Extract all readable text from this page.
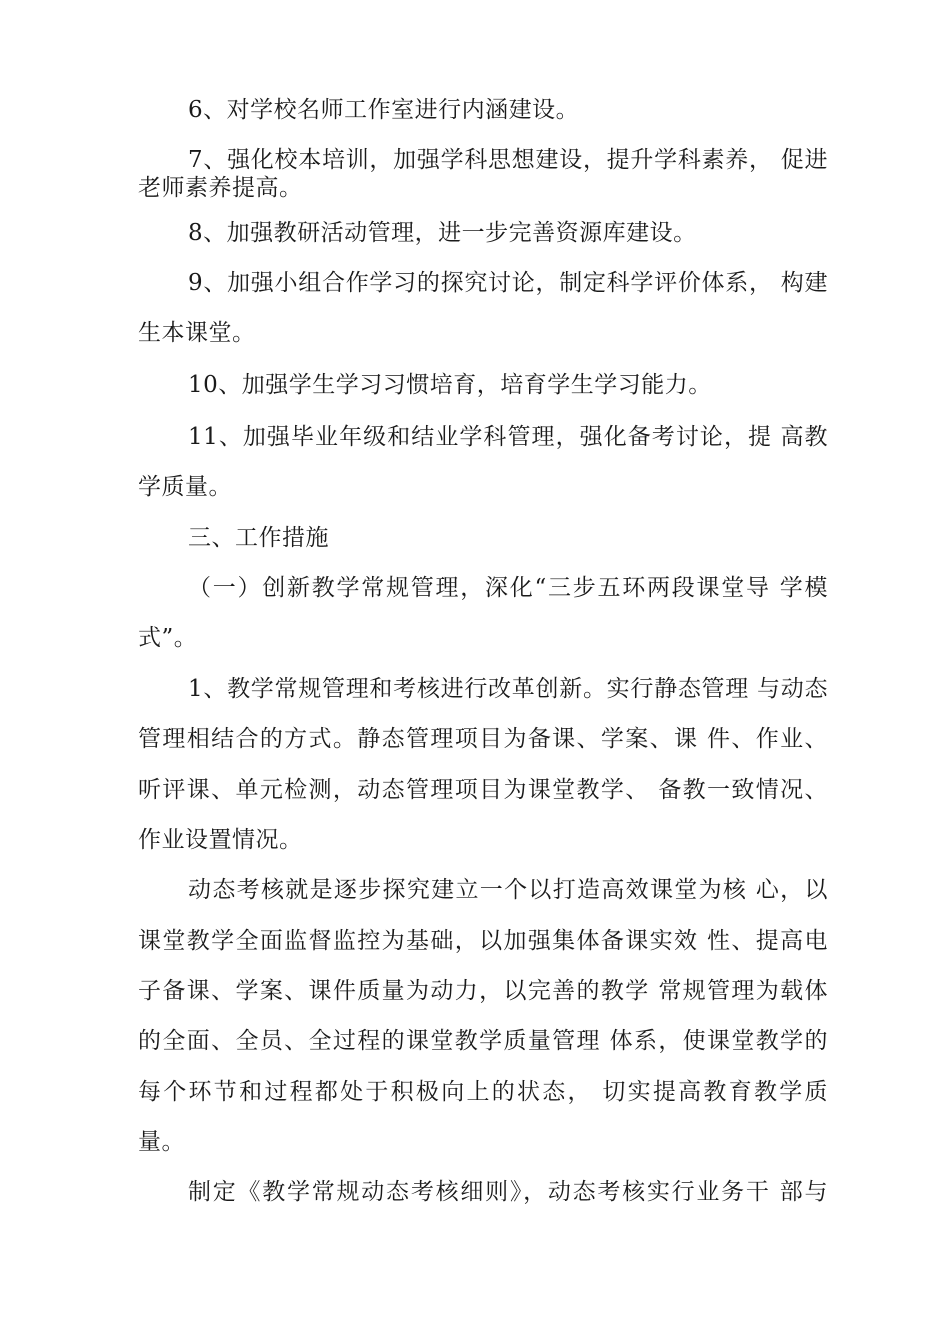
6、对学校名师工作室进行内涵建设。
7、强化校本培训，加强学科思想建设，提升学科素养， 促进
老师素养提高。
8、加强教研活动管理，进一步完善资源库建设。
9、加强小组合作学习的探究讨论，制定科学评价体系， 构建
生本课堂。
10、加强学生学习习惯培育，培育学生学习能力。
11、加强毕业年级和结业学科管理，强化备考讨论，提 高教
学质量。
三、工作措施
（一）创新教学常规管理，深化“三步五环两段课堂导 学模
式”。
1、教学常规管理和考核进行改革创新。实行静态管理 与动态
管理相结合的方式。静态管理项目为备课、学案、课 件、作业、
听评课、单元检测，动态管理项目为课堂教学、 备教一致情况、
作业设置情况。
动态考核就是逐步探究建立一个以打造高效课堂为核 心，以
课堂教学全面监督监控为基础，以加强集体备课实效 性、提高电
子备课、学案、课件质量为动力，以完善的教学 常规管理为载体
的全面、全员、全过程的课堂教学质量管理 体系，使课堂教学的
每个环节和过程都处于积极向上的状态， 切实提高教育教学质
量。
制定《教学常规动态考核细则》，动态考核实行业务干 部与
